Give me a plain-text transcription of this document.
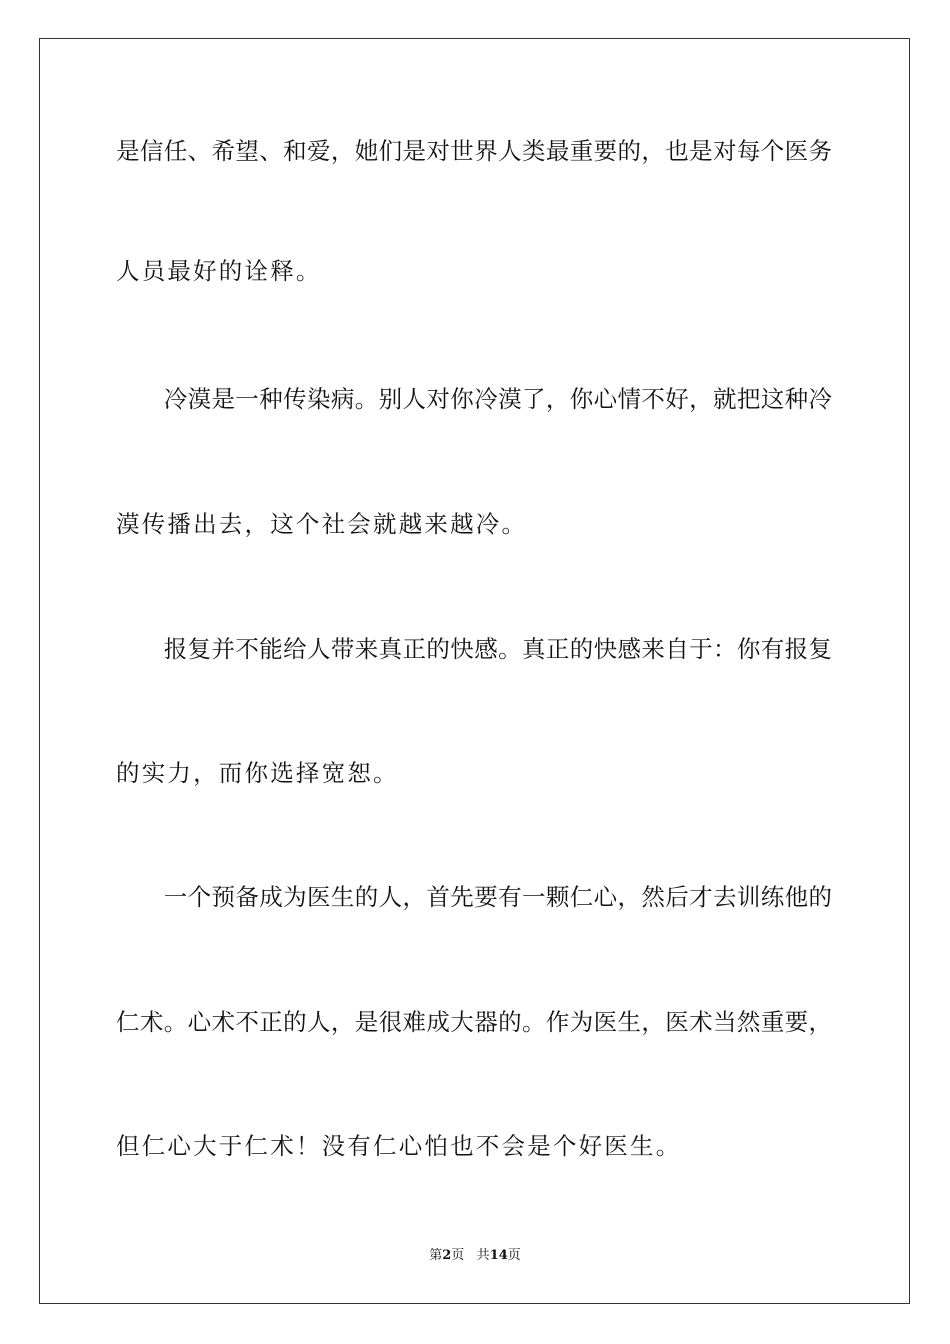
是信任、希望、和爱，她们是对世界人类最重要的，也是对每个医务
人员最好的诠释。
　　冷漠是一种传染病。别人对你冷漠了，你心情不好，就把这种冷
漠传播出去，这个社会就越来越冷。
　　报复并不能给人带来真正的快感。真正的快感来自于：你有报复
的实力，而你选择宽恕。
　　一个预备成为医生的人，首先要有一颗仁心，然后才去训练他的
仁术。心术不正的人，是很难成大器的。作为医生，医术当然重要，
但仁心大于仁术！没有仁心怕也不会是个好医生。
第2页 共14页
